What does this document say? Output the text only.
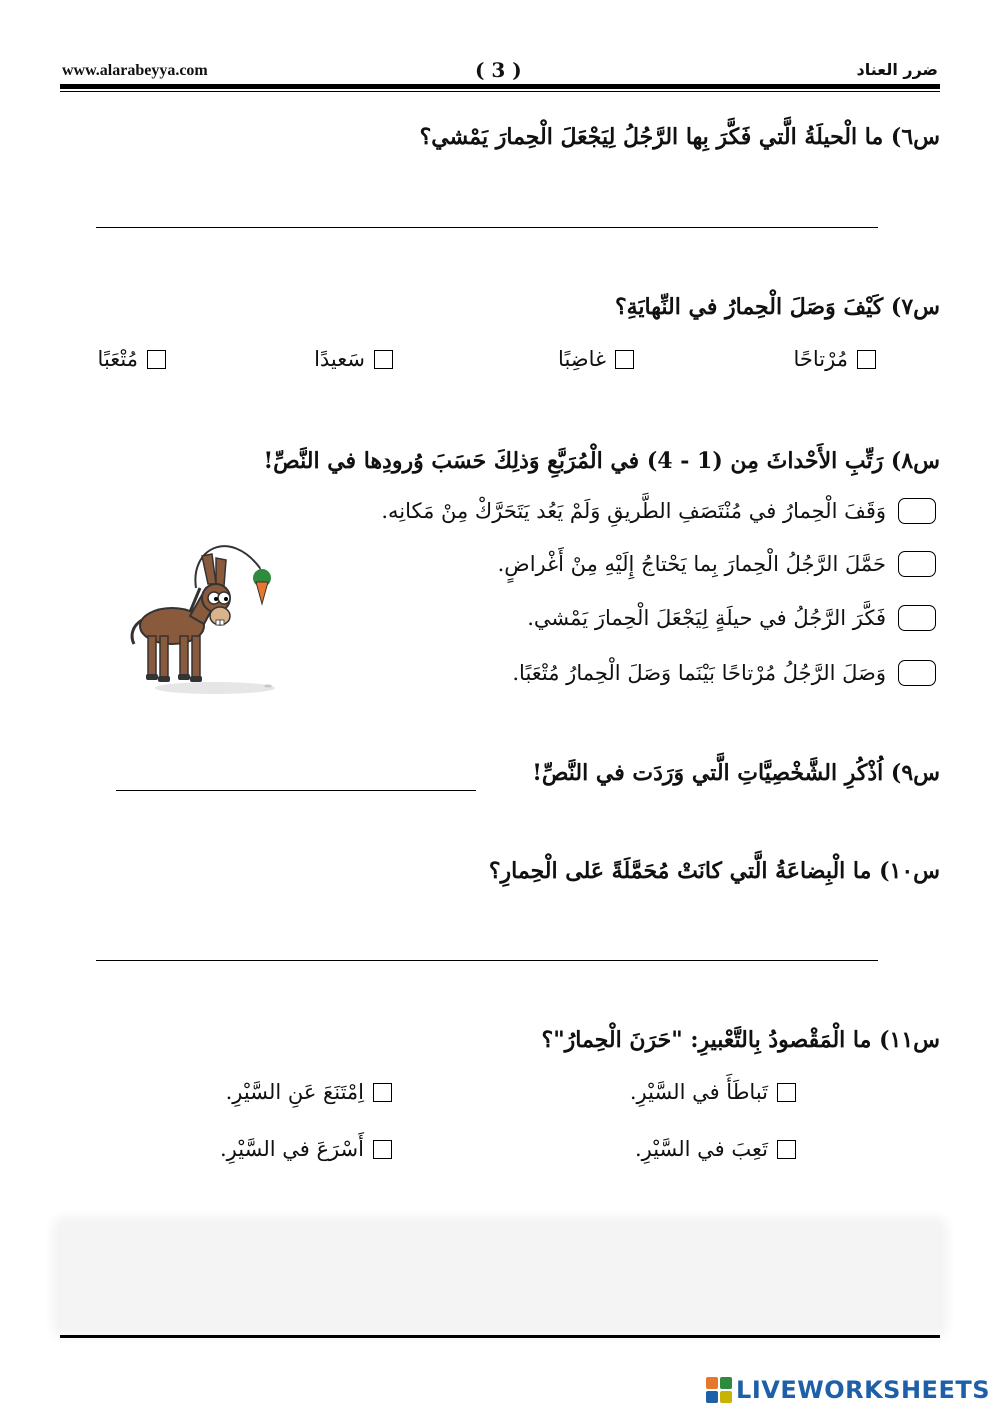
www.alarabeyya.com	( 3 )	ضرر العناد
س٦) ما الْحيلَةُ الَّتي فَكَّرَ بِها الرَّجُلُ لِيَجْعَلَ الْحِمارَ يَمْشي؟
س٧) كَيْفَ وَصَلَ الْحِمارُ في النِّهايَةِ؟
مُرْتاحًا
غاضِبًا
سَعيدًا
مُتْعَبًا
س٨) رَتِّبِ الأَحْداثَ مِن (1 - 4) في الْمُرَبَّعِ وَذلِكَ حَسَبَ وُرودِها في النَّصِّ!
وَقَفَ الْحِمارُ في مُنْتَصَفِ الطَّريقِ وَلَمْ يَعُد يَتَحَرَّكْ مِنْ مَكانِه.
حَمَّلَ الرَّجُلُ الْحِمارَ بِما يَحْتاجُ إِلَيْهِ مِنْ أَغْراضٍ.
فَكَّرَ الرَّجُلُ في حيلَةٍ لِيَجْعَلَ الْحِمارَ يَمْشي.
وَصَلَ الرَّجُلُ مُرْتاحًا بَيْنَما وَصَلَ الْحِمارُ مُتْعَبًا.
س٩) اُذْكُرِ الشَّخْصِيَّاتِ الَّتي وَرَدَت في النَّصِّ!
س١٠) ما الْبِضاعَةُ الَّتي كانَتْ مُحَمَّلَةً عَلى الْحِمارِ؟
س١١) ما الْمَقْصودُ بِالتَّعْبيرِ: "حَرَنَ الْحِمارُ"؟
تَباطَأَ في السَّيْرِ.
اِمْتَنَعَ عَنِ السَّيْرِ.
تَعِبَ في السَّيْرِ.
أَسْرَعَ في السَّيْرِ.
LIVEWORKSHEETS
